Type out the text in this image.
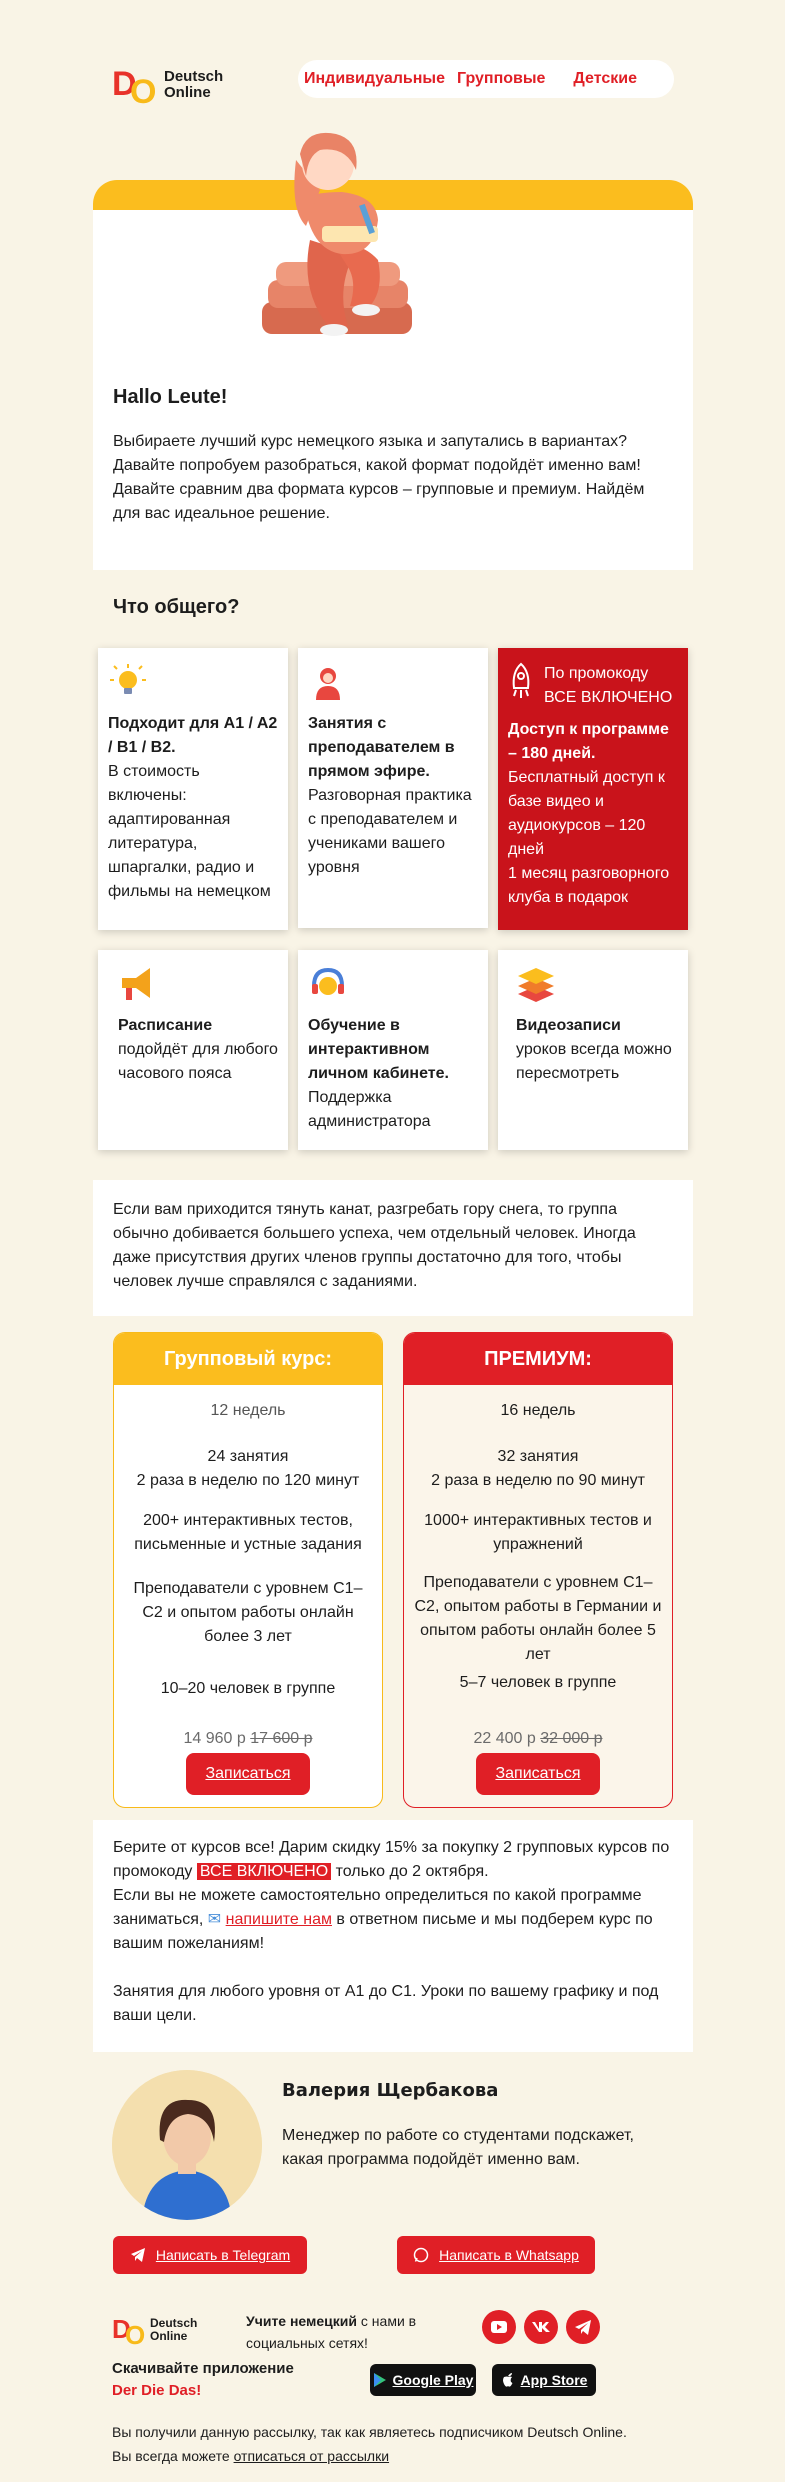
D
O Deutsch
Online
Индивидуальные Групповые Детские
Hallo Leute!

Выбираете лучший курс немецкого языка и запутались в вариантах? Давайте попробуем разобраться, какой формат подойдёт именно вам!

Давайте сравним два формата курсов – групповые и премиум. Найдём для вас идеальное решение.

Что общего?
Подходит для A1 / A2 / B1 / B2.
В стоимость включены: адаптированная литература, шпаргалки, радио и фильмы на немецком
Занятия с преподавателем в прямом эфире.
Разговорная практика с преподавателем и учениками вашего уровня
По промокоду ВСЕ ВКЛЮЧЕНО
Доступ к программе – 180 дней.
Бесплатный доступ к базе видео и аудиокурсов – 120 дней
1 месяц разговорного клуба в подарок
Расписание
подойдёт для любого часового пояса
Обучение в интерактивном личном кабинете.
Поддержка администратора
Видеозаписи
уроков всегда можно пересмотреть
Если вам приходится тянуть канат, разгребать гору снега, то группа обычно добивается большего успеха, чем отдельный человек. Иногда даже присутствия других членов группы достаточно для того, чтобы человек лучше справлялся с заданиями.
Групповый курс:
12 недель
24 занятия
2 раза в неделю по 120 минут
200+ интерактивных тестов, письменные и устные задания
Преподаватели с уровнем С1– С2 и опытом работы онлайн более 3 лет
10–20 человек в группе
14 960 р 17 600 р
Записаться
ПРЕМИУМ:
16 недель
32 занятия
2 раза в неделю по 90 минут
1000+ интерактивных тестов и упражнений
Преподаватели с уровнем С1–С2, опытом работы в Германии и опытом работы онлайн более 5 лет
5–7 человек в группе
22 400 р 32 000 р
Записаться
Берите от курсов все! Дарим скидку 15% за покупку 2 групповых курсов по промокоду ВСЕ ВКЛЮЧЕНО только до 2 октября.
Если вы не можете самостоятельно определиться по какой программе заниматься, ✉ напишите нам в ответном письме и мы подберем курс по вашим пожеланиям!
Занятия для любого уровня от A1 до C1. Уроки по вашему графику и под ваши цели.
Валерия Щербакова
Менеджер по работе со студентами подскажет, какая программа подойдёт именно вам.
Написать в Telegram	Написать в Whatsapp
D
O Deutsch
Online
Учите немецкий с нами в социальных сетях!
Скачивайте приложение
Der Die Das!
Google Play	App Store
Вы получили данную рассылку, так как являетесь подписчиком Deutsch Online.
Вы всегда можете отписаться от рассылки
